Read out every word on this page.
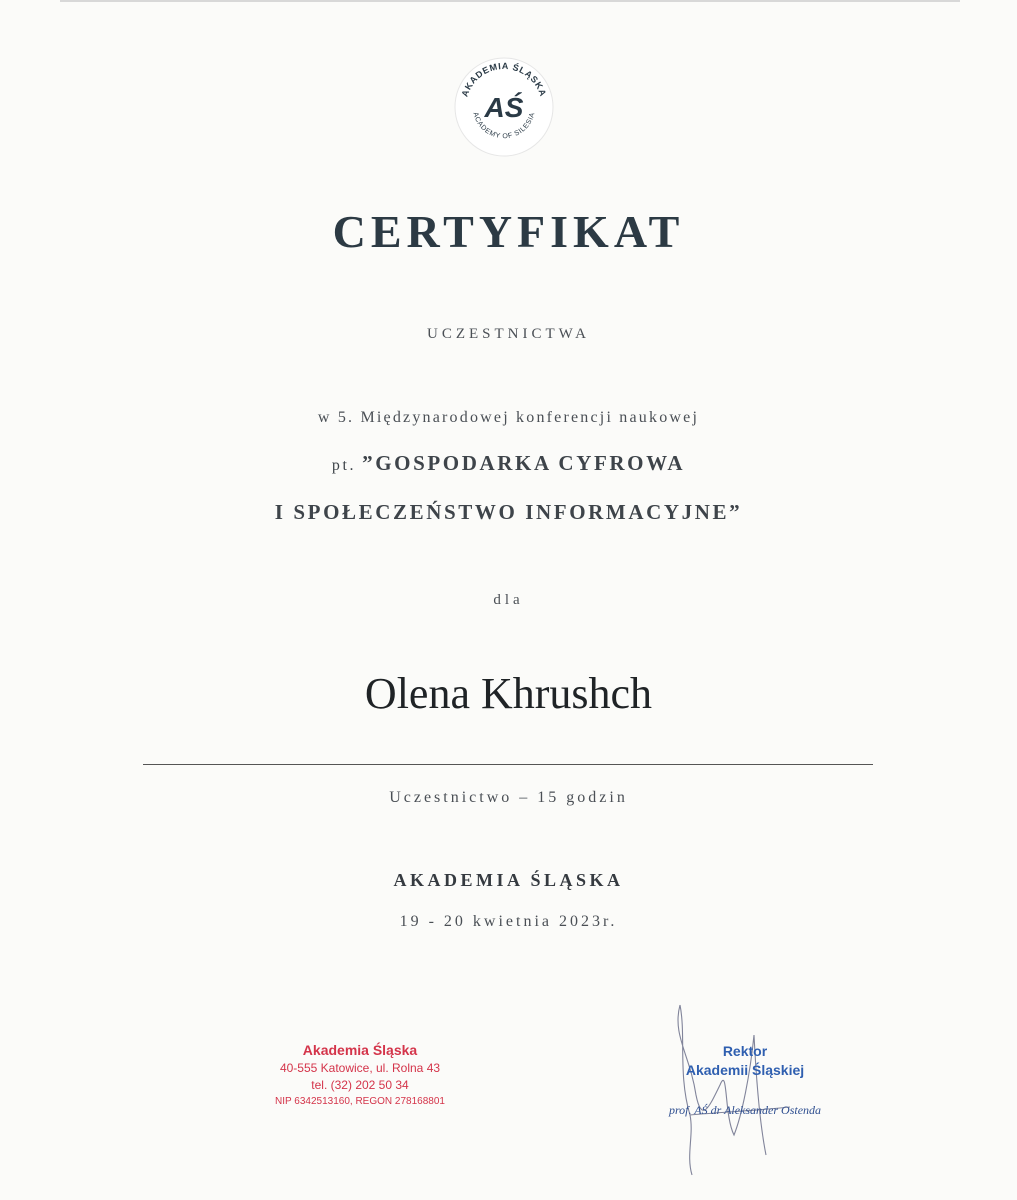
AKADEMIA ŚLĄSKA
ACADEMY OF SILESIA
AŚ
CERTYFIKAT
UCZESTNICTWA
w 5. Międzynarodowej konferencji naukowej
pt. ”GOSPODARKA CYFROWA
I SPOŁECZEŃSTWO INFORMACYJNE”
dla
Olena Khrushch
Uczestnictwo – 15 godzin
AKADEMIA ŚLĄSKA
19 - 20 kwietnia 2023r.
Akademia Śląska
40-555 Katowice, ul. Rolna 43
tel. (32) 202 50 34
NIP 6342513160, REGON 278168801
Rektor
Akademii Śląskiej
prof. AŚ dr Aleksander Ostenda
